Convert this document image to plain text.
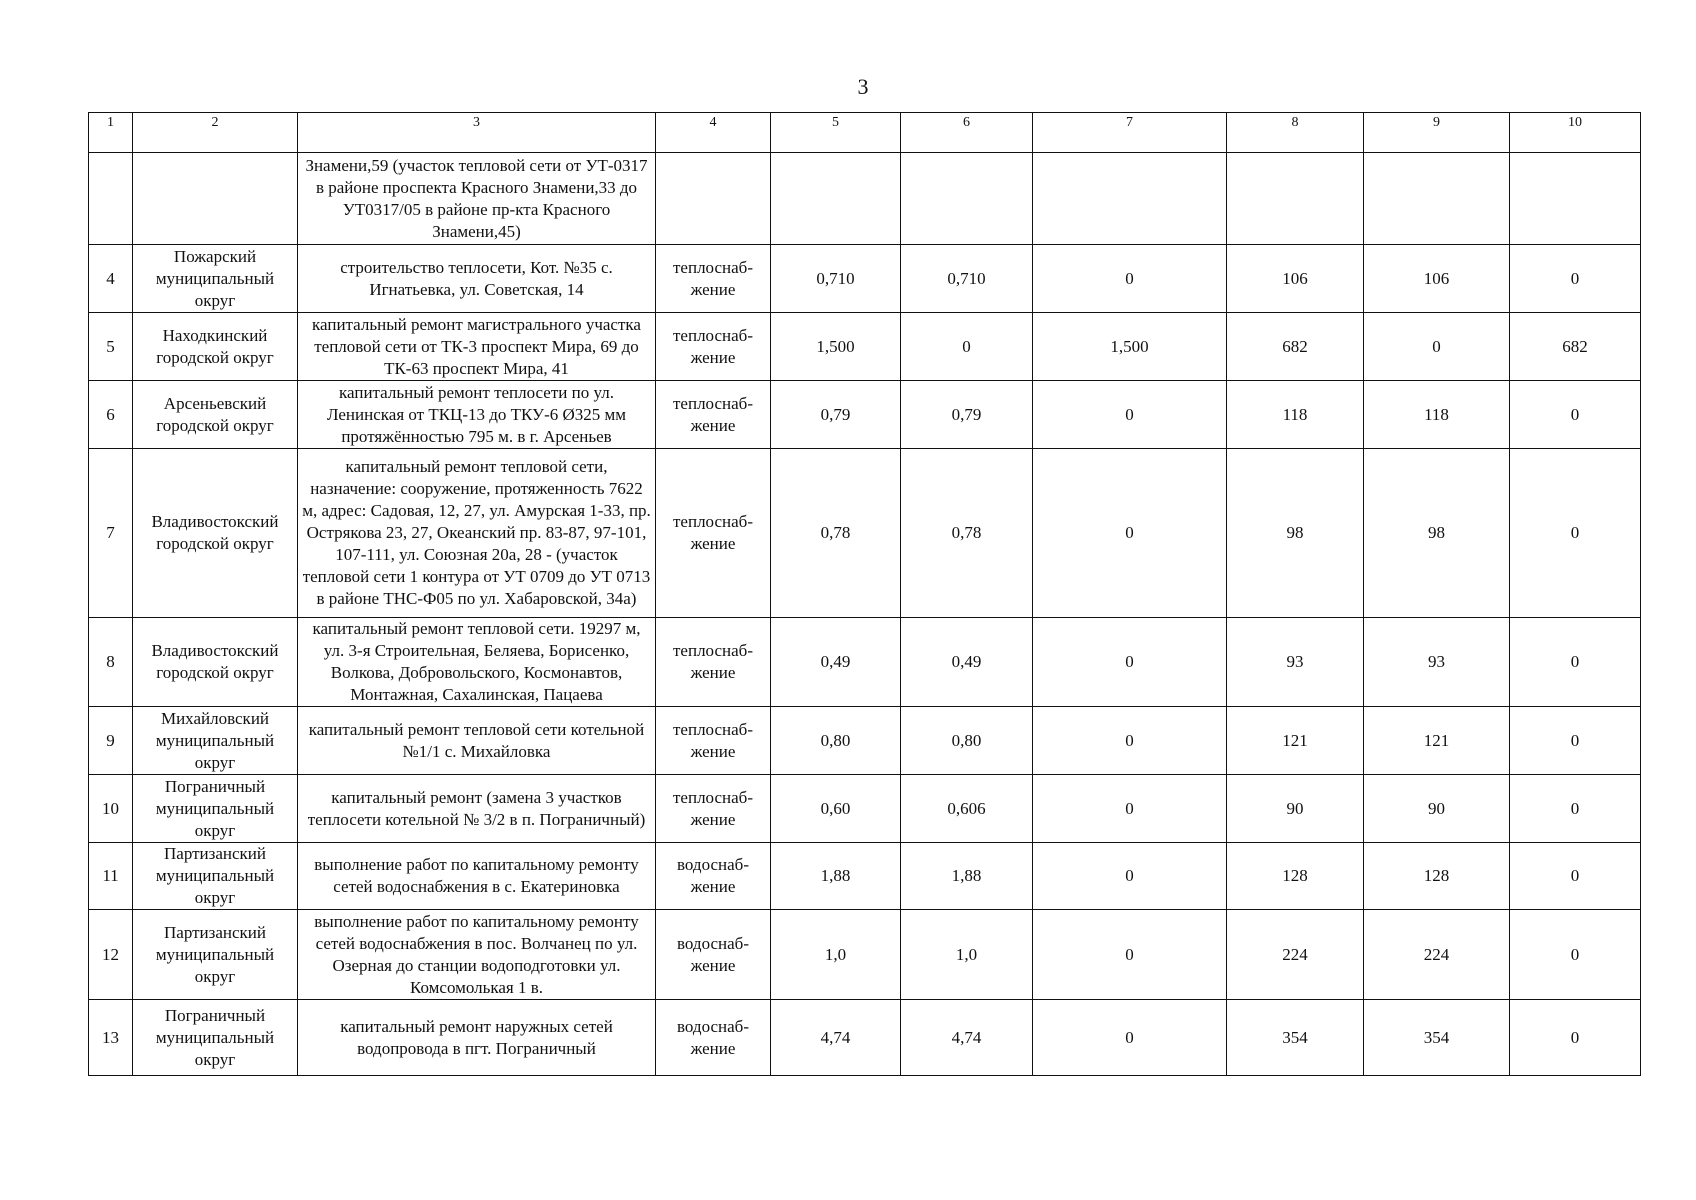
3
1	2	3	4	5	6	7	8	9	10
		Знамени,59 (участок тепловой сети от УТ-0317 в районе проспекта Красного Знамени,33 до УТ0317/05 в районе пр-кта Красного Знамени,45)							
4	Пожарский муниципальный округ	строительство теплосети, Кот. №35 с. Игнатьевка, ул. Советская, 14	теплоснаб-жение	0,710	0,710	0	106	106	0
5	Находкинский городской округ	капитальный ремонт магистрального участка тепловой сети от ТК-3 проспект Мира, 69 до ТК-63 проспект Мира, 41	теплоснаб-жение	1,500	0	1,500	682	0	682
6	Арсеньевский городской округ	капитальный ремонт теплосети по ул. Ленинская от ТКЦ-13 до ТКУ-6 Ø325 мм протяжённостью 795 м. в г. Арсеньев	теплоснаб-жение	0,79	0,79	0	118	118	0
7	Владивостокский городской округ	капитальный ремонт тепловой сети, назначение: сооружение, протяженность 7622 м, адрес: Садовая, 12, 27, ул. Амурская 1-33, пр. Острякова 23, 27, Океанский пр. 83-87, 97-101, 107-111, ул. Союзная 20а, 28 - (участок тепловой сети 1 контура от УТ 0709 до УТ 0713 в районе ТНС-Ф05 по ул. Хабаровской, 34а)	теплоснаб-жение	0,78	0,78	0	98	98	0
8	Владивостокский городской округ	капитальный ремонт тепловой сети. 19297 м, ул. 3-я Строительная, Беляева, Борисенко, Волкова, Добровольского, Космонавтов, Монтажная, Сахалинская, Пацаева	теплоснаб-жение	0,49	0,49	0	93	93	0
9	Михайловский муниципальный округ	капитальный ремонт тепловой сети котельной №1/1 с. Михайловка	теплоснаб-жение	0,80	0,80	0	121	121	0
10	Пограничный муниципальный округ	капитальный ремонт (замена 3 участков теплосети котельной № 3/2 в п. Пограничный)	теплоснаб-жение	0,60	0,606	0	90	90	0
11	Партизанский муниципальный округ	выполнение работ по капитальному ремонту сетей водоснабжения в с. Екатериновка	водоснаб-жение	1,88	1,88	0	128	128	0
12	Партизанский муниципальный округ	выполнение работ по капитальному ремонту сетей водоснабжения в пос. Волчанец по ул. Озерная до станции водоподготовки ул. Комсомолькая 1 в.	водоснаб-жение	1,0	1,0	0	224	224	0
13	Пограничный муниципальный округ	капитальный ремонт наружных сетей водопровода в пгт. Пограничный	водоснаб-жение	4,74	4,74	0	354	354	0
